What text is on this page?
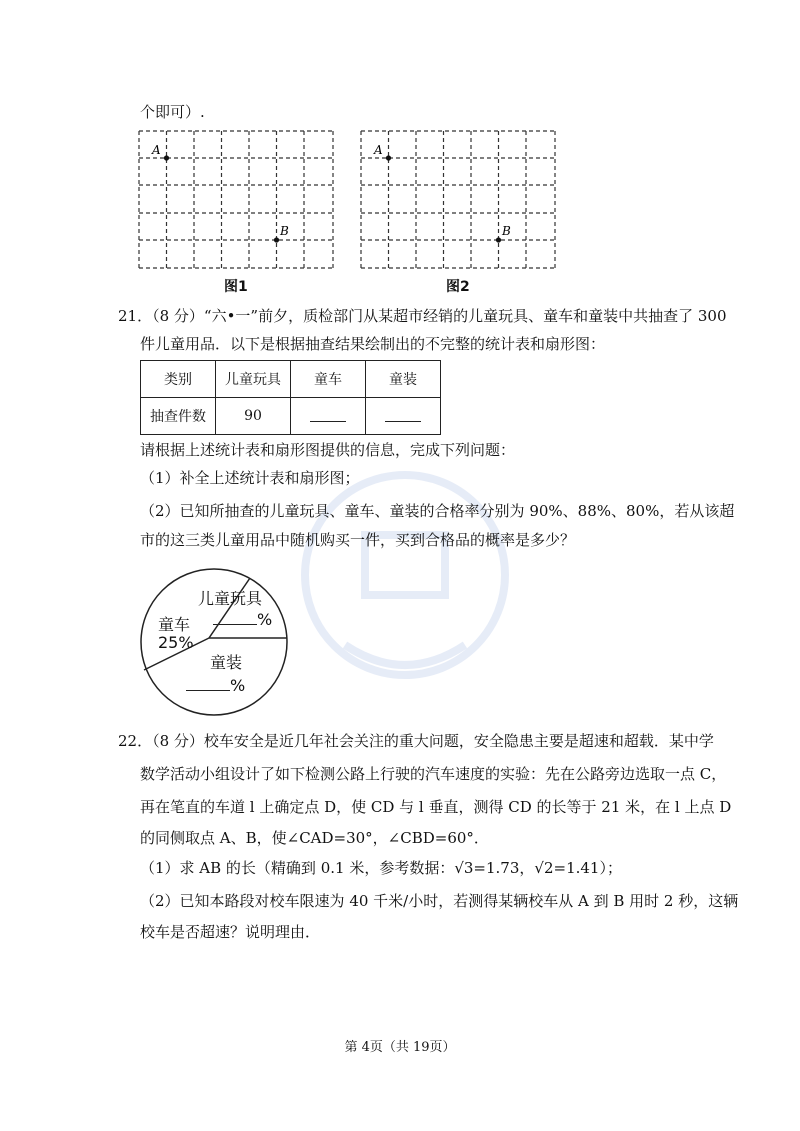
个即可）.
A
B
图1
A
B
图2
21．（8 分）“六•一”前夕，质检部门从某超市经销的儿童玩具、童车和童装中共抽查了 300
件儿童用品．以下是根据抽查结果绘制出的不完整的统计表和扇形图：
类别	儿童玩具	童车	童装
抽查件数	90		
请根据上述统计表和扇形图提供的信息，完成下列问题：
（1）补全上述统计表和扇形图；
（2）已知所抽查的儿童玩具、童车、童装的合格率分别为 90%、88%、80%，若从该超
市的这三类儿童用品中随机购买一件，买到合格品的概率是多少？
儿童玩具
%
童车
25%
童装
%
22．（8 分）校车安全是近几年社会关注的重大问题，安全隐患主要是超速和超载．某中学
数学活动小组设计了如下检测公路上行驶的汽车速度的实验：先在公路旁边选取一点 C，
再在笔直的车道 l 上确定点 D，使 CD 与 l 垂直，测得 CD 的长等于 21 米，在 l 上点 D
的同侧取点 A、B，使∠CAD=30°，∠CBD=60°．
（1）求 AB 的长（精确到 0.1 米，参考数据：√3=1.73，√2=1.41）；
（2）已知本路段对校车限速为 40 千米/小时，若测得某辆校车从 A 到 B 用时 2 秒，这辆
校车是否超速？说明理由．
第 4页（共 19页）
